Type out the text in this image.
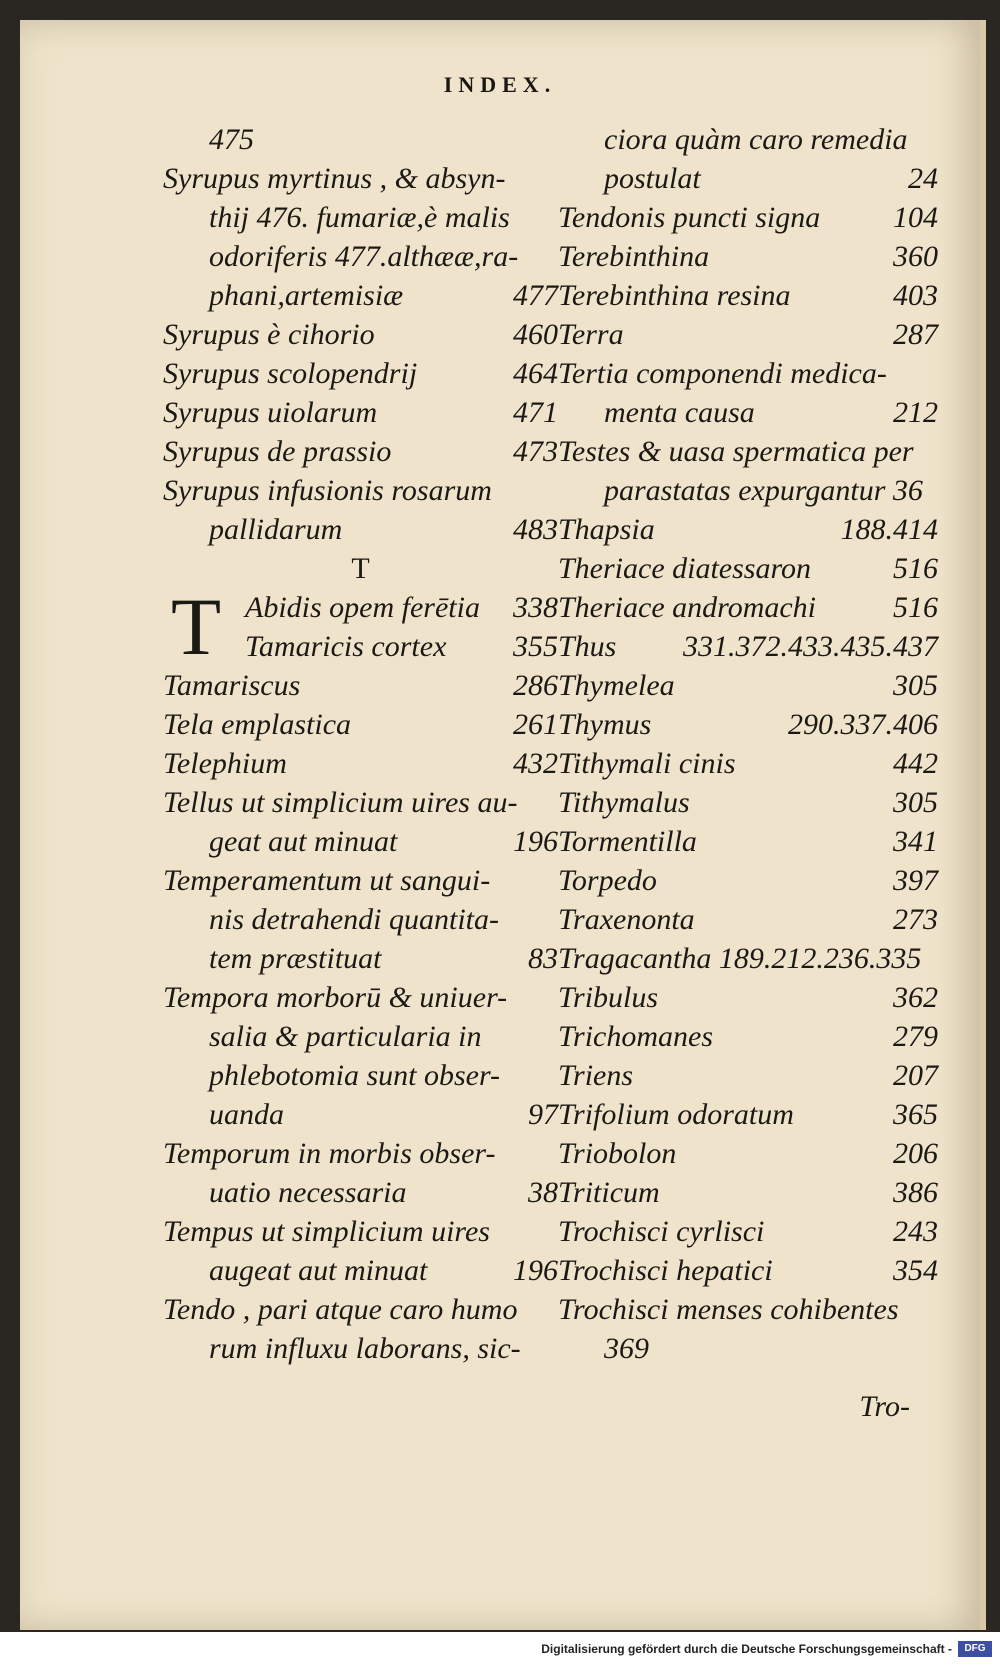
INDEX.
475
Syrupus myrtinus , & absyn-
thij 476. fumariæ,è malis
odoriferis 477.althææ,ra-
phani,artemisiæ	477
Syrupus è cihorio	460
Syrupus scolopendrij	464
Syrupus uiolarum	471
Syrupus de prassio	473
Syrupus infusionis rosarum
pallidarum	483
T
T Abidis opem ferētia 338
Tamaricis cortex 355
Tamariscus	286
Tela emplastica	261
Telephium	432
Tellus ut simplicium uires au-
geat aut minuat	196
Temperamentum ut sangui-
nis detrahendi quantita-
tem præstituat	83
Tempora morborū & uniuer-
salia & particularia in
phlebotomia sunt obser-
uanda	97
Temporum in morbis obser-
uatio necessaria	38
Tempus ut simplicium uires
augeat aut minuat	196
Tendo , pari atque caro humo
rum influxu laborans, sic-
ciora quàm caro remedia
postulat	24
Tendonis puncti signa 104
Terebinthina	360
Terebinthina resina	403
Terra	287
Tertia componendi medica-
menta causa	212
Testes & uasa spermatica per
parastatas expurgantur 36
Thapsia	188.414
Theriace diatessaron	516
Theriace andromachi	516
Thus 331.372.433.435.437
Thymelea	305
Thymus	290.337.406
Tithymali cinis	442
Tithymalus	305
Tormentilla	341
Torpedo	397
Traxenonta	273
Tragacantha 189.212.236.335
Tribulus	362
Trichomanes	279
Triens	207
Trifolium odoratum	365
Triobolon	206
Triticum	386
Trochisci cyrlisci	243
Trochisci hepatici	354
Trochisci menses cohibentes
369
Tro-
Digitalisierung gefördert durch die Deutsche Forschungsgemeinschaft -	DFG
